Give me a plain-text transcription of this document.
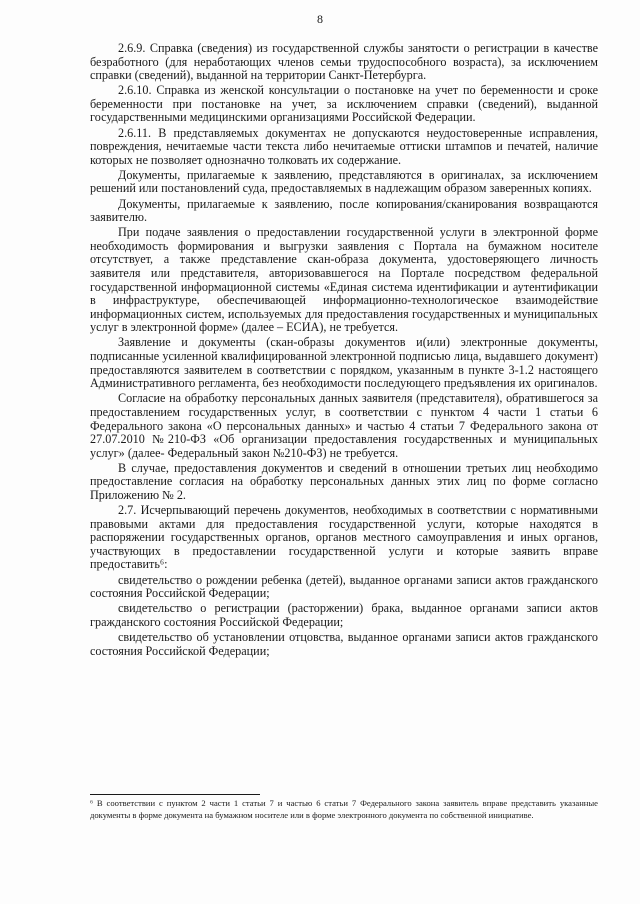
8

2.6.9. Справка (сведения) из государственной службы занятости о регистрации в качестве безработного (для неработающих членов семьи трудоспособного возраста), за исключением справки (сведений), выданной на территории Санкт-Петербурга.

2.6.10. Справка из женской консультации о постановке на учет по беременности и сроке беременности при постановке на учет, за исключением справки (сведений), выданной государственными медицинскими организациями Российской Федерации.

2.6.11. В представляемых документах не допускаются неудостоверенные исправления, повреждения, нечитаемые части текста либо нечитаемые оттиски штампов и печатей, наличие которых не позволяет однозначно толковать их содержание.

Документы, прилагаемые к заявлению, представляются в оригиналах, за исключением решений или постановлений суда, предоставляемых в надлежащим образом заверенных копиях.

Документы, прилагаемые к заявлению, после копирования/сканирования возвращаются заявителю.

При подаче заявления о предоставлении государственной услуги в электронной форме необходимость формирования и выгрузки заявления с Портала на бумажном носителе отсутствует, а также представление скан-образа документа, удостоверяющего личность заявителя или представителя, авторизовавшегося на Портале посредством федеральной государственной информационной системы «Единая система идентификации и аутентификации в инфраструктуре, обеспечивающей информационно-технологическое взаимодействие информационных систем, используемых для предоставления государственных и муниципальных услуг в электронной форме» (далее – ЕСИА), не требуется.

Заявление и документы (скан-образы документов и(или) электронные документы, подписанные усиленной квалифицированной электронной подписью лица, выдавшего документ) предоставляются заявителем в соответствии с порядком, указанным в пункте 3-1.2 настоящего Административного регламента, без необходимости последующего предъявления их оригиналов.

Согласие на обработку персональных данных заявителя (представителя), обратившегося за предоставлением государственных услуг, в соответствии с пунктом 4 части 1 статьи 6 Федерального закона «О персональных данных» и частью 4 статьи 7 Федерального закона от 27.07.2010 №210-ФЗ «Об организации предоставления государственных и муниципальных услуг» (далее- Федеральный закон №210-ФЗ) не требуется.

В случае, предоставления документов и сведений в отношении третьих лиц необходимо предоставление согласия на обработку персональных данных этих лиц по форме согласно Приложению № 2.

2.7. Исчерпывающий перечень документов, необходимых в соответствии с нормативными правовыми актами для предоставления государственной услуги, которые находятся в распоряжении государственных органов, органов местного самоуправления и иных органов, участвующих в предоставлении государственной услуги и которые заявить вправе предоставить⁶:

свидетельство о рождении ребенка (детей), выданное органами записи актов гражданского состояния Российской Федерации;

свидетельство о регистрации (расторжении) брака, выданное органами записи актов гражданского состояния Российской Федерации;

свидетельство об установлении отцовства, выданное органами записи актов гражданского состояния Российской Федерации;

⁶ В соответствии с пунктом 2 части 1 статьи 7 и частью 6 статьи 7 Федерального закона заявитель вправе представить указанные документы в форме документа на бумажном носителе или в форме электронного документа по собственной инициативе.
